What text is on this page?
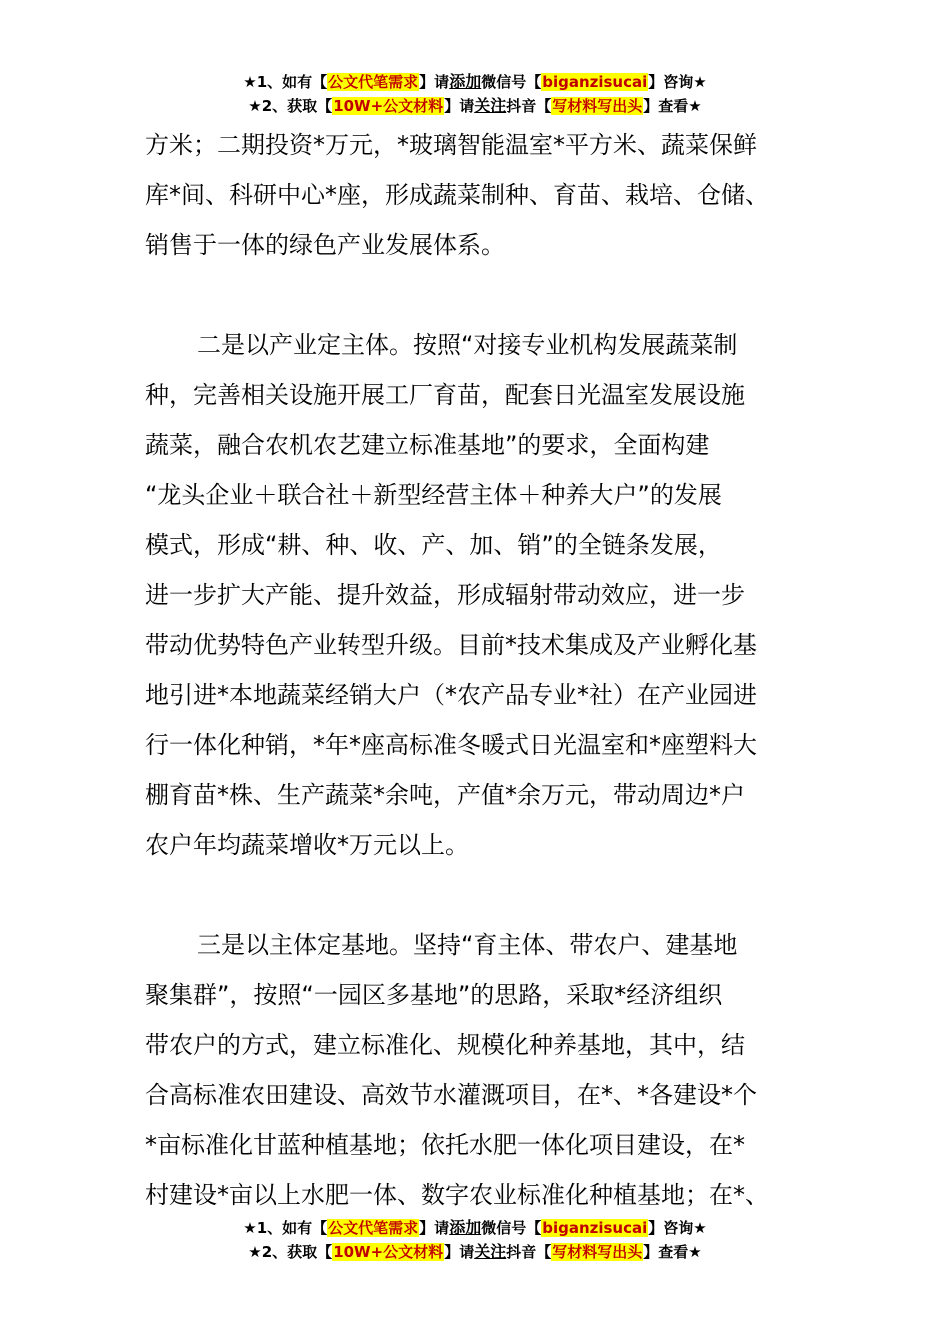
★1、如有【公文代笔需求】请添加微信号【biganzisucai】咨询★
★2、获取【10W+公文材料】请关注抖音【写材料写出头】查看★
方米；二期投资*万元，*玻璃智能温室*平方米、蔬菜保鲜
库*间、科研中心*座，形成蔬菜制种、育苗、栽培、仓储、
销售于一体的绿色产业发展体系。
二是以产业定主体。按照“对接专业机构发展蔬菜制
种，完善相关设施开展工厂育苗，配套日光温室发展设施
蔬菜，融合农机农艺建立标准基地”的要求，全面构建
“龙头企业＋联合社＋新型经营主体＋种养大户”的发展
模式，形成“耕、种、收、产、加、销”的全链条发展，
进一步扩大产能、提升效益，形成辐射带动效应，进一步
带动优势特色产业转型升级。目前*技术集成及产业孵化基
地引进*本地蔬菜经销大户（*农产品专业*社）在产业园进
行一体化种销，*年*座高标准冬暖式日光温室和*座塑料大
棚育苗*株、生产蔬菜*余吨，产值*余万元，带动周边*户
农户年均蔬菜增收*万元以上。
三是以主体定基地。坚持“育主体、带农户、建基地
聚集群”，按照“一园区多基地”的思路，采取*经济组织
带农户的方式，建立标准化、规模化种养基地，其中，结
合高标准农田建设、高效节水灌溉项目，在*、*各建设*个
*亩标准化甘蓝种植基地；依托水肥一体化项目建设，在*
村建设*亩以上水肥一体、数字农业标准化种植基地；在*、
★1、如有【公文代笔需求】请添加微信号【biganzisucai】咨询★
★2、获取【10W+公文材料】请关注抖音【写材料写出头】查看★
